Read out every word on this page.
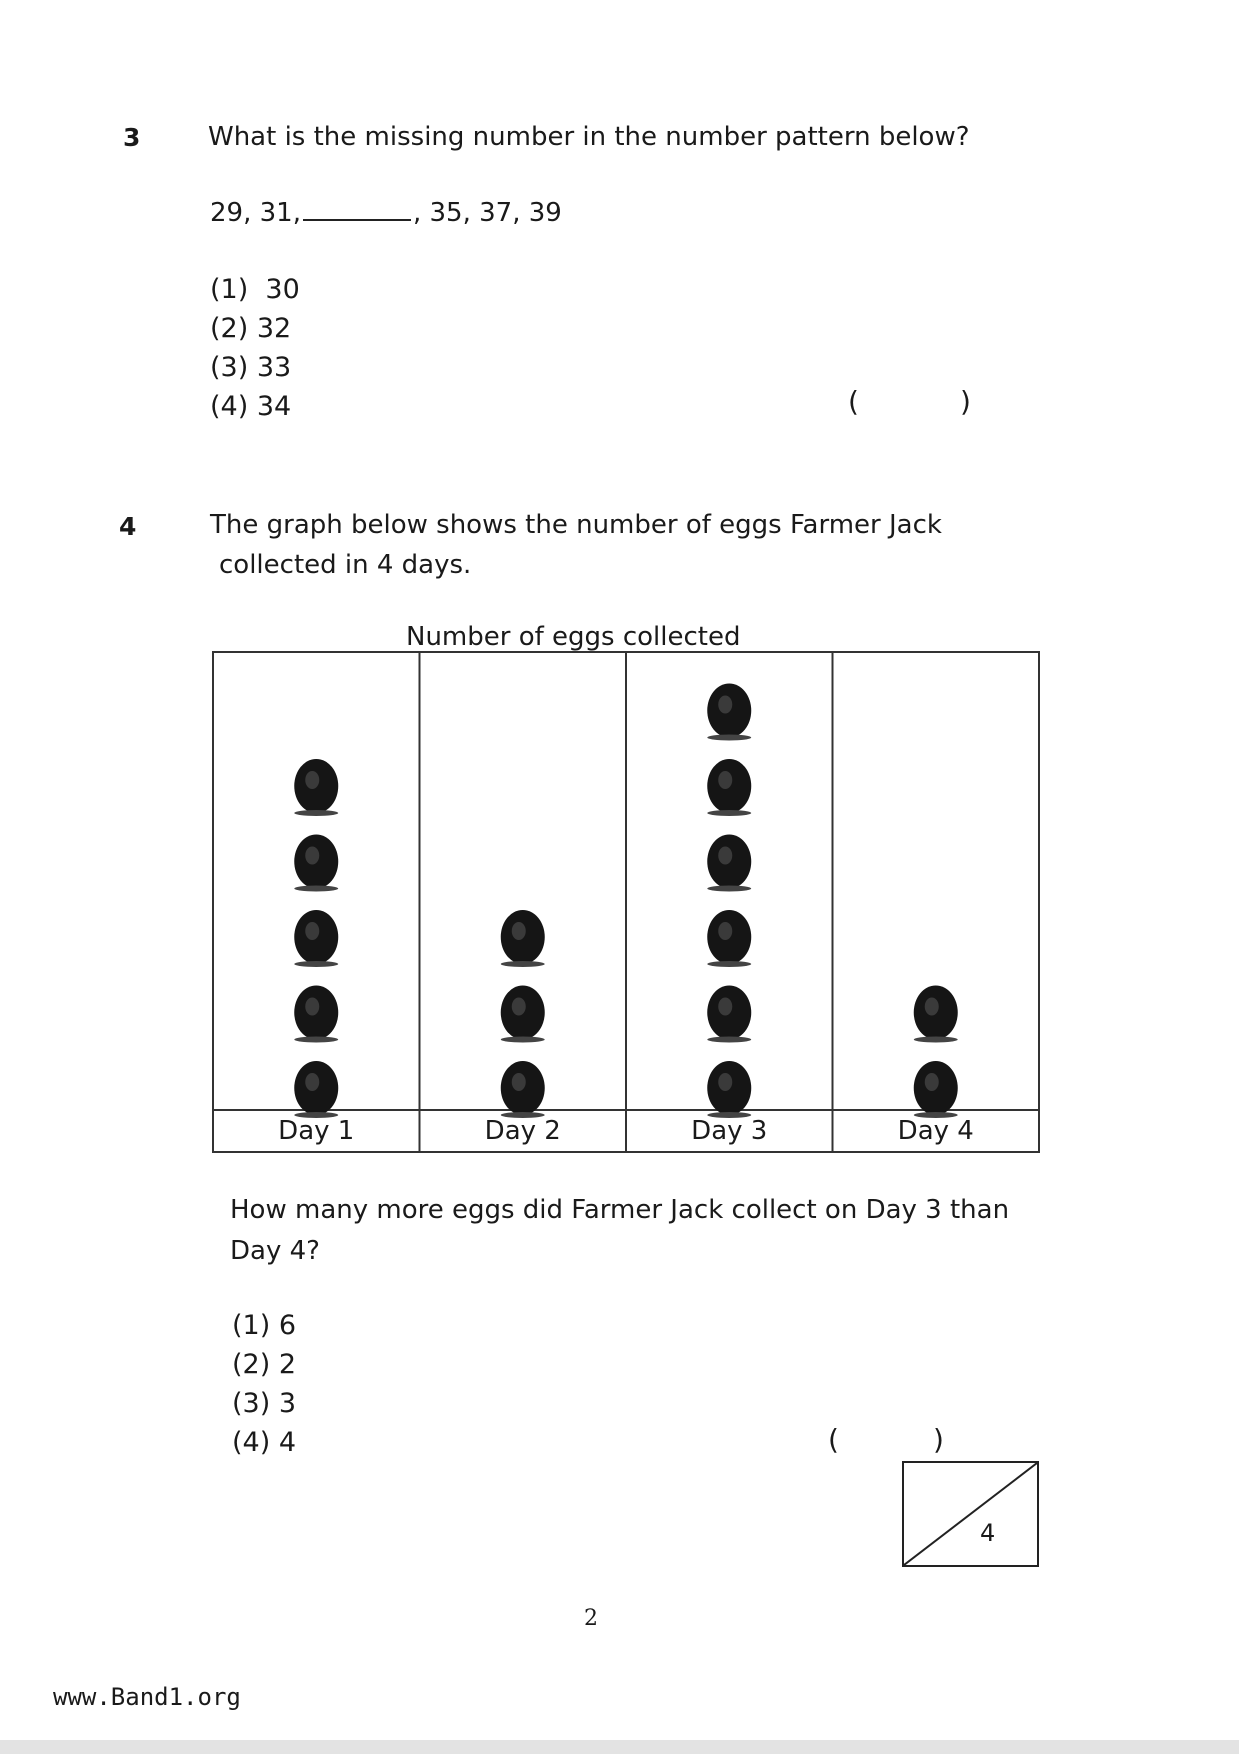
3	What is the missing number in the number pattern below?
29, 31,	, 35, 37, 39
(1) 30
(2) 32
(3) 33
(4) 34	(	)
4	The graph below shows the number of eggs Farmer Jack
collected in 4 days.
Number of eggs collected
Day 1	Day 2	Day 3	Day 4
How many more eggs did Farmer Jack collect on Day 3 than
Day 4?
(1) 6
(2) 2
(3) 3
(4) 4	(	)
4
2
www.Band1.org
